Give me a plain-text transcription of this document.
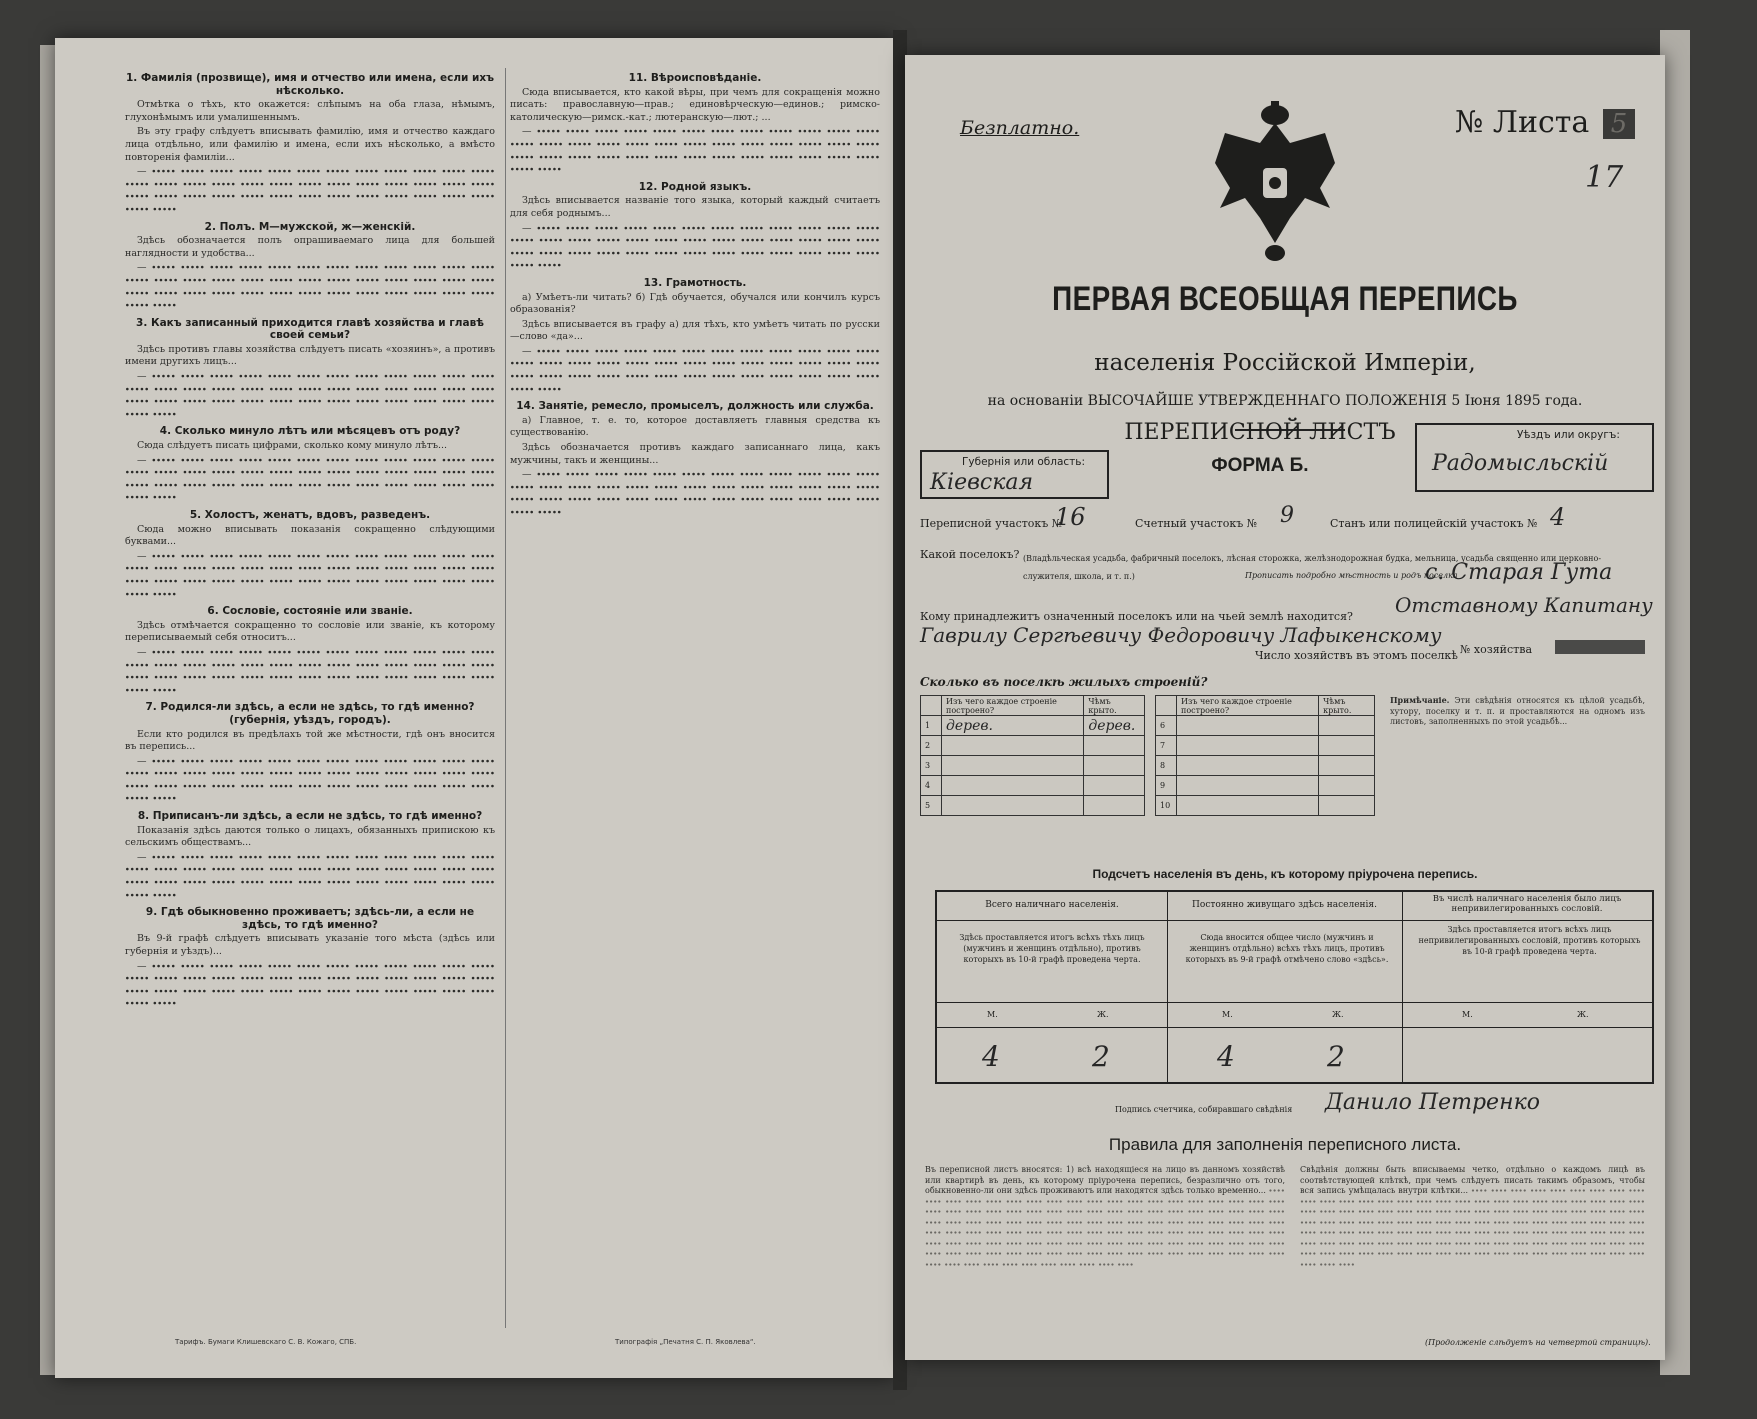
1. Фамилія (прозвище), имя и отчество или имена, если ихъ нѣсколько.

Отмѣтка о тѣхъ, кто окажется: слѣпымъ на оба глаза, нѣмымъ, глухонѣмымъ или умалишеннымъ.

Въ эту графу слѣдуетъ вписывать фамилію, имя и отчество каждаго лица отдѣльно, или фамилію и имена, если ихъ нѣсколько, а вмѣсто повторенія фамиліи...

— ∙∙∙∙∙ ∙∙∙∙∙ ∙∙∙∙∙ ∙∙∙∙∙ ∙∙∙∙∙ ∙∙∙∙∙ ∙∙∙∙∙ ∙∙∙∙∙ ∙∙∙∙∙ ∙∙∙∙∙ ∙∙∙∙∙ ∙∙∙∙∙ ∙∙∙∙∙ ∙∙∙∙∙ ∙∙∙∙∙ ∙∙∙∙∙ ∙∙∙∙∙ ∙∙∙∙∙ ∙∙∙∙∙ ∙∙∙∙∙ ∙∙∙∙∙ ∙∙∙∙∙ ∙∙∙∙∙ ∙∙∙∙∙ ∙∙∙∙∙ ∙∙∙∙∙ ∙∙∙∙∙ ∙∙∙∙∙ ∙∙∙∙∙ ∙∙∙∙∙ ∙∙∙∙∙ ∙∙∙∙∙ ∙∙∙∙∙ ∙∙∙∙∙ ∙∙∙∙∙ ∙∙∙∙∙ ∙∙∙∙∙ ∙∙∙∙∙ ∙∙∙∙∙ ∙∙∙∙∙

2. Полъ. М—мужской, ж—женскій.

Здѣсь обозначается полъ опрашиваемаго лица для большей наглядности и удобства...

— ∙∙∙∙∙ ∙∙∙∙∙ ∙∙∙∙∙ ∙∙∙∙∙ ∙∙∙∙∙ ∙∙∙∙∙ ∙∙∙∙∙ ∙∙∙∙∙ ∙∙∙∙∙ ∙∙∙∙∙ ∙∙∙∙∙ ∙∙∙∙∙ ∙∙∙∙∙ ∙∙∙∙∙ ∙∙∙∙∙ ∙∙∙∙∙ ∙∙∙∙∙ ∙∙∙∙∙ ∙∙∙∙∙ ∙∙∙∙∙ ∙∙∙∙∙ ∙∙∙∙∙ ∙∙∙∙∙ ∙∙∙∙∙ ∙∙∙∙∙ ∙∙∙∙∙ ∙∙∙∙∙ ∙∙∙∙∙ ∙∙∙∙∙ ∙∙∙∙∙ ∙∙∙∙∙ ∙∙∙∙∙ ∙∙∙∙∙ ∙∙∙∙∙ ∙∙∙∙∙ ∙∙∙∙∙ ∙∙∙∙∙ ∙∙∙∙∙ ∙∙∙∙∙ ∙∙∙∙∙

3. Какъ записанный приходится главѣ хозяйства и главѣ своей семьи?

Здѣсь противъ главы хозяйства слѣдуетъ писать «хозяинъ», а противъ имени другихъ лицъ...

— ∙∙∙∙∙ ∙∙∙∙∙ ∙∙∙∙∙ ∙∙∙∙∙ ∙∙∙∙∙ ∙∙∙∙∙ ∙∙∙∙∙ ∙∙∙∙∙ ∙∙∙∙∙ ∙∙∙∙∙ ∙∙∙∙∙ ∙∙∙∙∙ ∙∙∙∙∙ ∙∙∙∙∙ ∙∙∙∙∙ ∙∙∙∙∙ ∙∙∙∙∙ ∙∙∙∙∙ ∙∙∙∙∙ ∙∙∙∙∙ ∙∙∙∙∙ ∙∙∙∙∙ ∙∙∙∙∙ ∙∙∙∙∙ ∙∙∙∙∙ ∙∙∙∙∙ ∙∙∙∙∙ ∙∙∙∙∙ ∙∙∙∙∙ ∙∙∙∙∙ ∙∙∙∙∙ ∙∙∙∙∙ ∙∙∙∙∙ ∙∙∙∙∙ ∙∙∙∙∙ ∙∙∙∙∙ ∙∙∙∙∙ ∙∙∙∙∙ ∙∙∙∙∙ ∙∙∙∙∙

4. Сколько минуло лѣтъ или мѣсяцевъ отъ роду?

Сюда слѣдуетъ писать цифрами, сколько кому минуло лѣтъ...

— ∙∙∙∙∙ ∙∙∙∙∙ ∙∙∙∙∙ ∙∙∙∙∙ ∙∙∙∙∙ ∙∙∙∙∙ ∙∙∙∙∙ ∙∙∙∙∙ ∙∙∙∙∙ ∙∙∙∙∙ ∙∙∙∙∙ ∙∙∙∙∙ ∙∙∙∙∙ ∙∙∙∙∙ ∙∙∙∙∙ ∙∙∙∙∙ ∙∙∙∙∙ ∙∙∙∙∙ ∙∙∙∙∙ ∙∙∙∙∙ ∙∙∙∙∙ ∙∙∙∙∙ ∙∙∙∙∙ ∙∙∙∙∙ ∙∙∙∙∙ ∙∙∙∙∙ ∙∙∙∙∙ ∙∙∙∙∙ ∙∙∙∙∙ ∙∙∙∙∙ ∙∙∙∙∙ ∙∙∙∙∙ ∙∙∙∙∙ ∙∙∙∙∙ ∙∙∙∙∙ ∙∙∙∙∙ ∙∙∙∙∙ ∙∙∙∙∙ ∙∙∙∙∙ ∙∙∙∙∙

5. Холостъ, женатъ, вдовъ, разведенъ.

Сюда можно вписывать показанія сокращенно слѣдующими буквами...

— ∙∙∙∙∙ ∙∙∙∙∙ ∙∙∙∙∙ ∙∙∙∙∙ ∙∙∙∙∙ ∙∙∙∙∙ ∙∙∙∙∙ ∙∙∙∙∙ ∙∙∙∙∙ ∙∙∙∙∙ ∙∙∙∙∙ ∙∙∙∙∙ ∙∙∙∙∙ ∙∙∙∙∙ ∙∙∙∙∙ ∙∙∙∙∙ ∙∙∙∙∙ ∙∙∙∙∙ ∙∙∙∙∙ ∙∙∙∙∙ ∙∙∙∙∙ ∙∙∙∙∙ ∙∙∙∙∙ ∙∙∙∙∙ ∙∙∙∙∙ ∙∙∙∙∙ ∙∙∙∙∙ ∙∙∙∙∙ ∙∙∙∙∙ ∙∙∙∙∙ ∙∙∙∙∙ ∙∙∙∙∙ ∙∙∙∙∙ ∙∙∙∙∙ ∙∙∙∙∙ ∙∙∙∙∙ ∙∙∙∙∙ ∙∙∙∙∙ ∙∙∙∙∙ ∙∙∙∙∙

6. Сословіе, состояніе или званіе.

Здѣсь отмѣчается сокращенно то сословіе или званіе, къ которому переписываемый себя относитъ...

— ∙∙∙∙∙ ∙∙∙∙∙ ∙∙∙∙∙ ∙∙∙∙∙ ∙∙∙∙∙ ∙∙∙∙∙ ∙∙∙∙∙ ∙∙∙∙∙ ∙∙∙∙∙ ∙∙∙∙∙ ∙∙∙∙∙ ∙∙∙∙∙ ∙∙∙∙∙ ∙∙∙∙∙ ∙∙∙∙∙ ∙∙∙∙∙ ∙∙∙∙∙ ∙∙∙∙∙ ∙∙∙∙∙ ∙∙∙∙∙ ∙∙∙∙∙ ∙∙∙∙∙ ∙∙∙∙∙ ∙∙∙∙∙ ∙∙∙∙∙ ∙∙∙∙∙ ∙∙∙∙∙ ∙∙∙∙∙ ∙∙∙∙∙ ∙∙∙∙∙ ∙∙∙∙∙ ∙∙∙∙∙ ∙∙∙∙∙ ∙∙∙∙∙ ∙∙∙∙∙ ∙∙∙∙∙ ∙∙∙∙∙ ∙∙∙∙∙ ∙∙∙∙∙ ∙∙∙∙∙

7. Родился-ли здѣсь, а если не здѣсь, то гдѣ именно? (губернія, уѣздъ, городъ).

Если кто родился въ предѣлахъ той же мѣстности, гдѣ онъ вносится въ перепись...

— ∙∙∙∙∙ ∙∙∙∙∙ ∙∙∙∙∙ ∙∙∙∙∙ ∙∙∙∙∙ ∙∙∙∙∙ ∙∙∙∙∙ ∙∙∙∙∙ ∙∙∙∙∙ ∙∙∙∙∙ ∙∙∙∙∙ ∙∙∙∙∙ ∙∙∙∙∙ ∙∙∙∙∙ ∙∙∙∙∙ ∙∙∙∙∙ ∙∙∙∙∙ ∙∙∙∙∙ ∙∙∙∙∙ ∙∙∙∙∙ ∙∙∙∙∙ ∙∙∙∙∙ ∙∙∙∙∙ ∙∙∙∙∙ ∙∙∙∙∙ ∙∙∙∙∙ ∙∙∙∙∙ ∙∙∙∙∙ ∙∙∙∙∙ ∙∙∙∙∙ ∙∙∙∙∙ ∙∙∙∙∙ ∙∙∙∙∙ ∙∙∙∙∙ ∙∙∙∙∙ ∙∙∙∙∙ ∙∙∙∙∙ ∙∙∙∙∙ ∙∙∙∙∙ ∙∙∙∙∙

8. Приписанъ-ли здѣсь, а если не здѣсь, то гдѣ именно?

Показанія здѣсь даются только о лицахъ, обязанныхъ припискою къ сельскимъ обществамъ...

— ∙∙∙∙∙ ∙∙∙∙∙ ∙∙∙∙∙ ∙∙∙∙∙ ∙∙∙∙∙ ∙∙∙∙∙ ∙∙∙∙∙ ∙∙∙∙∙ ∙∙∙∙∙ ∙∙∙∙∙ ∙∙∙∙∙ ∙∙∙∙∙ ∙∙∙∙∙ ∙∙∙∙∙ ∙∙∙∙∙ ∙∙∙∙∙ ∙∙∙∙∙ ∙∙∙∙∙ ∙∙∙∙∙ ∙∙∙∙∙ ∙∙∙∙∙ ∙∙∙∙∙ ∙∙∙∙∙ ∙∙∙∙∙ ∙∙∙∙∙ ∙∙∙∙∙ ∙∙∙∙∙ ∙∙∙∙∙ ∙∙∙∙∙ ∙∙∙∙∙ ∙∙∙∙∙ ∙∙∙∙∙ ∙∙∙∙∙ ∙∙∙∙∙ ∙∙∙∙∙ ∙∙∙∙∙ ∙∙∙∙∙ ∙∙∙∙∙ ∙∙∙∙∙ ∙∙∙∙∙

9. Гдѣ обыкновенно проживаетъ; здѣсь-ли, а если не здѣсь, то гдѣ именно?

Въ 9-й графѣ слѣдуетъ вписывать указаніе того мѣста (здѣсь или губернія и уѣздъ)...

— ∙∙∙∙∙ ∙∙∙∙∙ ∙∙∙∙∙ ∙∙∙∙∙ ∙∙∙∙∙ ∙∙∙∙∙ ∙∙∙∙∙ ∙∙∙∙∙ ∙∙∙∙∙ ∙∙∙∙∙ ∙∙∙∙∙ ∙∙∙∙∙ ∙∙∙∙∙ ∙∙∙∙∙ ∙∙∙∙∙ ∙∙∙∙∙ ∙∙∙∙∙ ∙∙∙∙∙ ∙∙∙∙∙ ∙∙∙∙∙ ∙∙∙∙∙ ∙∙∙∙∙ ∙∙∙∙∙ ∙∙∙∙∙ ∙∙∙∙∙ ∙∙∙∙∙ ∙∙∙∙∙ ∙∙∙∙∙ ∙∙∙∙∙ ∙∙∙∙∙ ∙∙∙∙∙ ∙∙∙∙∙ ∙∙∙∙∙ ∙∙∙∙∙ ∙∙∙∙∙ ∙∙∙∙∙ ∙∙∙∙∙ ∙∙∙∙∙ ∙∙∙∙∙ ∙∙∙∙∙

11. Вѣроисповѣданіе.

Сюда вписывается, кто какой вѣры, при чемъ для сокращенія можно писать: православную—прав.; единовѣрческую—единов.; римско-католическую—римск.-кат.; лютеранскую—лют.; ...

— ∙∙∙∙∙ ∙∙∙∙∙ ∙∙∙∙∙ ∙∙∙∙∙ ∙∙∙∙∙ ∙∙∙∙∙ ∙∙∙∙∙ ∙∙∙∙∙ ∙∙∙∙∙ ∙∙∙∙∙ ∙∙∙∙∙ ∙∙∙∙∙ ∙∙∙∙∙ ∙∙∙∙∙ ∙∙∙∙∙ ∙∙∙∙∙ ∙∙∙∙∙ ∙∙∙∙∙ ∙∙∙∙∙ ∙∙∙∙∙ ∙∙∙∙∙ ∙∙∙∙∙ ∙∙∙∙∙ ∙∙∙∙∙ ∙∙∙∙∙ ∙∙∙∙∙ ∙∙∙∙∙ ∙∙∙∙∙ ∙∙∙∙∙ ∙∙∙∙∙ ∙∙∙∙∙ ∙∙∙∙∙ ∙∙∙∙∙ ∙∙∙∙∙ ∙∙∙∙∙ ∙∙∙∙∙ ∙∙∙∙∙ ∙∙∙∙∙ ∙∙∙∙∙ ∙∙∙∙∙

12. Родной языкъ.

Здѣсь вписывается названіе того языка, который каждый считаетъ для себя роднымъ...

— ∙∙∙∙∙ ∙∙∙∙∙ ∙∙∙∙∙ ∙∙∙∙∙ ∙∙∙∙∙ ∙∙∙∙∙ ∙∙∙∙∙ ∙∙∙∙∙ ∙∙∙∙∙ ∙∙∙∙∙ ∙∙∙∙∙ ∙∙∙∙∙ ∙∙∙∙∙ ∙∙∙∙∙ ∙∙∙∙∙ ∙∙∙∙∙ ∙∙∙∙∙ ∙∙∙∙∙ ∙∙∙∙∙ ∙∙∙∙∙ ∙∙∙∙∙ ∙∙∙∙∙ ∙∙∙∙∙ ∙∙∙∙∙ ∙∙∙∙∙ ∙∙∙∙∙ ∙∙∙∙∙ ∙∙∙∙∙ ∙∙∙∙∙ ∙∙∙∙∙ ∙∙∙∙∙ ∙∙∙∙∙ ∙∙∙∙∙ ∙∙∙∙∙ ∙∙∙∙∙ ∙∙∙∙∙ ∙∙∙∙∙ ∙∙∙∙∙ ∙∙∙∙∙ ∙∙∙∙∙

13. Грамотность.

а) Умѣетъ-ли читать? б) Гдѣ обучается, обучался или кончилъ курсъ образованія?

Здѣсь вписывается въ графу а) для тѣхъ, кто умѣетъ читать по русски—слово «да»...

— ∙∙∙∙∙ ∙∙∙∙∙ ∙∙∙∙∙ ∙∙∙∙∙ ∙∙∙∙∙ ∙∙∙∙∙ ∙∙∙∙∙ ∙∙∙∙∙ ∙∙∙∙∙ ∙∙∙∙∙ ∙∙∙∙∙ ∙∙∙∙∙ ∙∙∙∙∙ ∙∙∙∙∙ ∙∙∙∙∙ ∙∙∙∙∙ ∙∙∙∙∙ ∙∙∙∙∙ ∙∙∙∙∙ ∙∙∙∙∙ ∙∙∙∙∙ ∙∙∙∙∙ ∙∙∙∙∙ ∙∙∙∙∙ ∙∙∙∙∙ ∙∙∙∙∙ ∙∙∙∙∙ ∙∙∙∙∙ ∙∙∙∙∙ ∙∙∙∙∙ ∙∙∙∙∙ ∙∙∙∙∙ ∙∙∙∙∙ ∙∙∙∙∙ ∙∙∙∙∙ ∙∙∙∙∙ ∙∙∙∙∙ ∙∙∙∙∙ ∙∙∙∙∙ ∙∙∙∙∙

14. Занятіе, ремесло, промыселъ, должность или служба.

а) Главное, т. е. то, которое доставляетъ главныя средства къ существованію.

Здѣсь обозначается противъ каждаго записаннаго лица, какъ мужчины, такъ и женщины...

— ∙∙∙∙∙ ∙∙∙∙∙ ∙∙∙∙∙ ∙∙∙∙∙ ∙∙∙∙∙ ∙∙∙∙∙ ∙∙∙∙∙ ∙∙∙∙∙ ∙∙∙∙∙ ∙∙∙∙∙ ∙∙∙∙∙ ∙∙∙∙∙ ∙∙∙∙∙ ∙∙∙∙∙ ∙∙∙∙∙ ∙∙∙∙∙ ∙∙∙∙∙ ∙∙∙∙∙ ∙∙∙∙∙ ∙∙∙∙∙ ∙∙∙∙∙ ∙∙∙∙∙ ∙∙∙∙∙ ∙∙∙∙∙ ∙∙∙∙∙ ∙∙∙∙∙ ∙∙∙∙∙ ∙∙∙∙∙ ∙∙∙∙∙ ∙∙∙∙∙ ∙∙∙∙∙ ∙∙∙∙∙ ∙∙∙∙∙ ∙∙∙∙∙ ∙∙∙∙∙ ∙∙∙∙∙ ∙∙∙∙∙ ∙∙∙∙∙ ∙∙∙∙∙ ∙∙∙∙∙

Тарифъ. Бумаги Клишевскаго С. В. Кожаго, СПБ.	Типографія „Печатня С. П. Яковлева“.
Безплатно.	№ Листа 5
17
ПЕРВАЯ ВСЕОБЩАЯ ПЕРЕПИСЬ
населенія Россійской Имперіи,
на основаніи ВЫСОЧАЙШЕ УТВЕРЖДЕННАГО ПОЛОЖЕНІЯ 5 Іюня 1895 года.
Губернія или область:
Кіевская
ПЕРЕПИСНОЙ ЛИСТЪ
ФОРМА Б.
Уѣздъ или округъ:
Радомысльскій
Переписной участокъ №
16	Счетный участокъ № 9	Станъ или полицейскій участокъ № 4
Какой поселокъ? (Владѣльческая усадьба, фабричный поселокъ, лѣсная сторожка, желѣзнодорожная будка, мельница, усадьба священно или церковно-служителя, школа, и т. п.)	Прописать подробно мѣстность и родъ поселка
с. Старая Гута
Кому принадлежитъ означенный поселокъ или на чьей землѣ находится? Отставному Капитану
Гаврилу Сергѣевичу Федоровичу Лафыкенскому
Число хозяйствъ въ этомъ поселкѣ № хозяйства
Сколько въ поселкѣ жилыхъ строеній?
	Изъ чего каждое строеніе построено?	Чѣмъ крыто.
1	дерев.	дерев.
2		
3		
4		
5		
	Изъ чего каждое строеніе построено?	Чѣмъ крыто.
6		
7		
8		
9		
10		
Примѣчаніе. Эти свѣдѣнія относятся къ цѣлой усадьбѣ, хутору, поселку и т. п. и проставляются на одномъ изъ листовъ, заполненныхъ по этой усадьбѣ...
Подсчетъ населенія въ день, къ которому пріурочена перепись.
Всего наличнаго населенія.	Постоянно живущаго здѣсь населенія.
Въ числѣ наличнаго населенія было лицъ непривилегированныхъ сословій.
Здѣсь проставляется итогъ всѣхъ тѣхъ лицъ (мужчинъ и женщинъ отдѣльно), противъ которыхъ въ 10-й графѣ проведена черта.
Сюда вносится общее число (мужчинъ и женщинъ отдѣльно) всѣхъ тѣхъ лицъ, противъ которыхъ въ 9-й графѣ отмѣчено слово «здѣсь».
Здѣсь проставляется итогъ всѣхъ лицъ непривилегированныхъ сословій, противъ которыхъ въ 10-й графѣ проведена черта.
М.	Ж.	М.	Ж.	М.	Ж.
4	2	4	2
Подпись счетчика, собиравшаго свѣдѣнія Данило Петренко
Правила для заполненія переписного листа.
Въ переписной листъ вносятся: 1) всѣ находящіеся на лицо въ данномъ хозяйствѣ или квартирѣ въ день, къ которому пріурочена перепись, безразлично отъ того, обыкновенно-ли они здѣсь проживаютъ или находятся здѣсь только временно... ∙∙∙∙ ∙∙∙∙ ∙∙∙∙ ∙∙∙∙ ∙∙∙∙ ∙∙∙∙ ∙∙∙∙ ∙∙∙∙ ∙∙∙∙ ∙∙∙∙ ∙∙∙∙ ∙∙∙∙ ∙∙∙∙ ∙∙∙∙ ∙∙∙∙ ∙∙∙∙ ∙∙∙∙ ∙∙∙∙ ∙∙∙∙ ∙∙∙∙ ∙∙∙∙ ∙∙∙∙ ∙∙∙∙ ∙∙∙∙ ∙∙∙∙ ∙∙∙∙ ∙∙∙∙ ∙∙∙∙ ∙∙∙∙ ∙∙∙∙ ∙∙∙∙ ∙∙∙∙ ∙∙∙∙ ∙∙∙∙ ∙∙∙∙ ∙∙∙∙ ∙∙∙∙ ∙∙∙∙ ∙∙∙∙ ∙∙∙∙ ∙∙∙∙ ∙∙∙∙ ∙∙∙∙ ∙∙∙∙ ∙∙∙∙ ∙∙∙∙ ∙∙∙∙ ∙∙∙∙ ∙∙∙∙ ∙∙∙∙ ∙∙∙∙ ∙∙∙∙ ∙∙∙∙ ∙∙∙∙ ∙∙∙∙ ∙∙∙∙ ∙∙∙∙ ∙∙∙∙ ∙∙∙∙ ∙∙∙∙ ∙∙∙∙ ∙∙∙∙ ∙∙∙∙ ∙∙∙∙ ∙∙∙∙ ∙∙∙∙ ∙∙∙∙ ∙∙∙∙ ∙∙∙∙ ∙∙∙∙ ∙∙∙∙ ∙∙∙∙ ∙∙∙∙ ∙∙∙∙ ∙∙∙∙ ∙∙∙∙ ∙∙∙∙ ∙∙∙∙ ∙∙∙∙ ∙∙∙∙ ∙∙∙∙ ∙∙∙∙ ∙∙∙∙ ∙∙∙∙ ∙∙∙∙ ∙∙∙∙ ∙∙∙∙ ∙∙∙∙ ∙∙∙∙ ∙∙∙∙ ∙∙∙∙ ∙∙∙∙ ∙∙∙∙ ∙∙∙∙ ∙∙∙∙ ∙∙∙∙ ∙∙∙∙ ∙∙∙∙ ∙∙∙∙ ∙∙∙∙ ∙∙∙∙ ∙∙∙∙ ∙∙∙∙ ∙∙∙∙ ∙∙∙∙ ∙∙∙∙ ∙∙∙∙ ∙∙∙∙ ∙∙∙∙ ∙∙∙∙ ∙∙∙∙ ∙∙∙∙ ∙∙∙∙ ∙∙∙∙ ∙∙∙∙ ∙∙∙∙ ∙∙∙∙ ∙∙∙∙ ∙∙∙∙ ∙∙∙∙
Свѣдѣнія должны быть вписываемы четко, отдѣльно о каждомъ лицѣ въ соотвѣтствующей клѣткѣ, при чемъ слѣдуетъ писать такимъ образомъ, чтобы вся запись умѣщалась внутри клѣтки... ∙∙∙∙ ∙∙∙∙ ∙∙∙∙ ∙∙∙∙ ∙∙∙∙ ∙∙∙∙ ∙∙∙∙ ∙∙∙∙ ∙∙∙∙ ∙∙∙∙ ∙∙∙∙ ∙∙∙∙ ∙∙∙∙ ∙∙∙∙ ∙∙∙∙ ∙∙∙∙ ∙∙∙∙ ∙∙∙∙ ∙∙∙∙ ∙∙∙∙ ∙∙∙∙ ∙∙∙∙ ∙∙∙∙ ∙∙∙∙ ∙∙∙∙ ∙∙∙∙ ∙∙∙∙ ∙∙∙∙ ∙∙∙∙ ∙∙∙∙ ∙∙∙∙ ∙∙∙∙ ∙∙∙∙ ∙∙∙∙ ∙∙∙∙ ∙∙∙∙ ∙∙∙∙ ∙∙∙∙ ∙∙∙∙ ∙∙∙∙ ∙∙∙∙ ∙∙∙∙ ∙∙∙∙ ∙∙∙∙ ∙∙∙∙ ∙∙∙∙ ∙∙∙∙ ∙∙∙∙ ∙∙∙∙ ∙∙∙∙ ∙∙∙∙ ∙∙∙∙ ∙∙∙∙ ∙∙∙∙ ∙∙∙∙ ∙∙∙∙ ∙∙∙∙ ∙∙∙∙ ∙∙∙∙ ∙∙∙∙ ∙∙∙∙ ∙∙∙∙ ∙∙∙∙ ∙∙∙∙ ∙∙∙∙ ∙∙∙∙ ∙∙∙∙ ∙∙∙∙ ∙∙∙∙ ∙∙∙∙ ∙∙∙∙ ∙∙∙∙ ∙∙∙∙ ∙∙∙∙ ∙∙∙∙ ∙∙∙∙ ∙∙∙∙ ∙∙∙∙ ∙∙∙∙ ∙∙∙∙ ∙∙∙∙ ∙∙∙∙ ∙∙∙∙ ∙∙∙∙ ∙∙∙∙ ∙∙∙∙ ∙∙∙∙ ∙∙∙∙ ∙∙∙∙ ∙∙∙∙ ∙∙∙∙ ∙∙∙∙ ∙∙∙∙ ∙∙∙∙ ∙∙∙∙ ∙∙∙∙ ∙∙∙∙ ∙∙∙∙ ∙∙∙∙ ∙∙∙∙ ∙∙∙∙ ∙∙∙∙ ∙∙∙∙ ∙∙∙∙ ∙∙∙∙ ∙∙∙∙ ∙∙∙∙ ∙∙∙∙ ∙∙∙∙ ∙∙∙∙ ∙∙∙∙ ∙∙∙∙ ∙∙∙∙ ∙∙∙∙ ∙∙∙∙ ∙∙∙∙ ∙∙∙∙ ∙∙∙∙ ∙∙∙∙ ∙∙∙∙
(Продолженіе слѣдуетъ на четвертой страницѣ).
